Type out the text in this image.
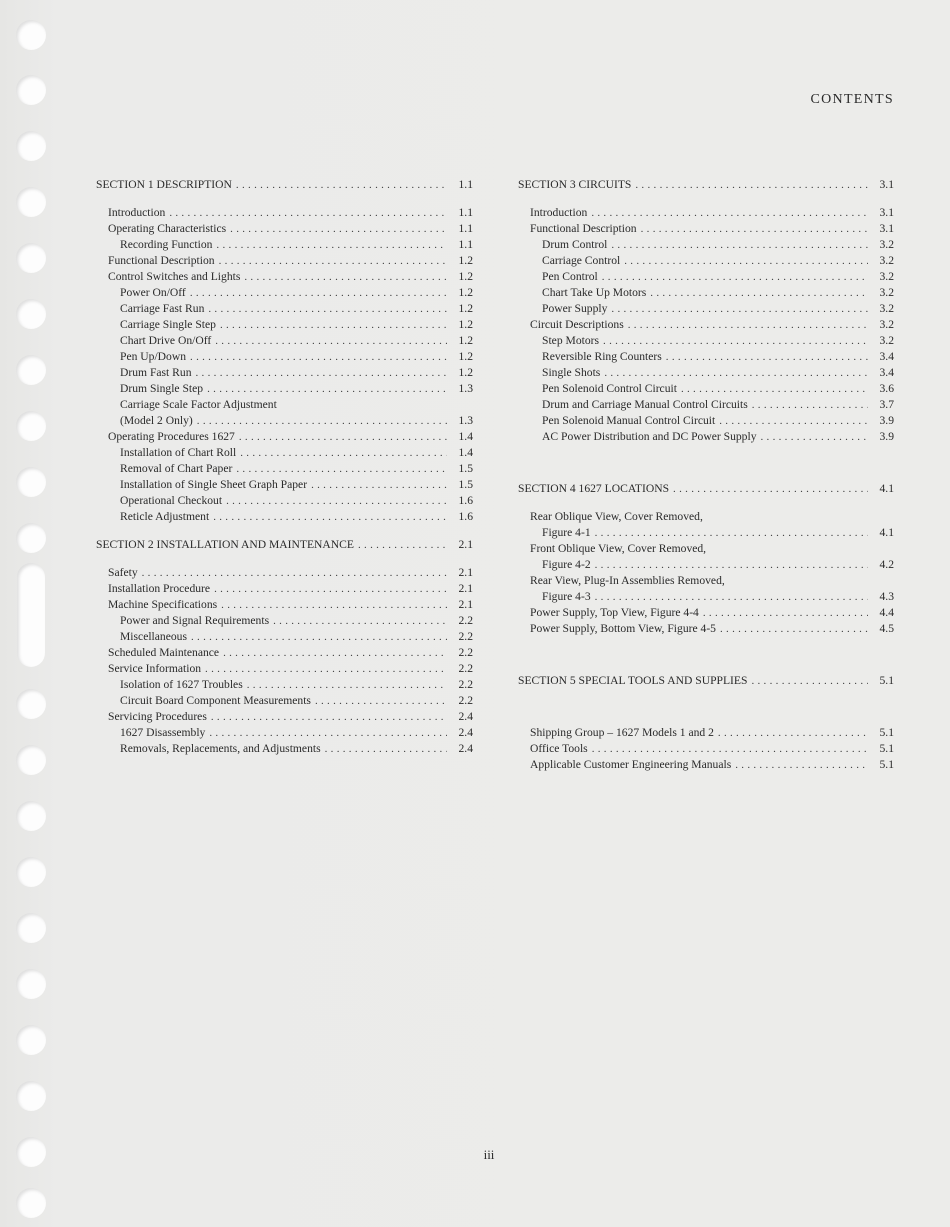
CONTENTS
SECTION 1 DESCRIPTION .....	1.1
Introduction .....	1.1
Operating Characteristics .....	1.1
Recording Function .....	1.1
Functional Description .....	1.2
Control Switches and Lights .....	1.2
Power On/Off .....	1.2
Carriage Fast Run .....	1.2
Carriage Single Step .....	1.2
Chart Drive On/Off .....	1.2
Pen Up/Down .....	1.2
Drum Fast Run .....	1.2
Drum Single Step .....	1.3
Carriage Scale Factor Adjustment
(Model 2 Only) .....	1.3
Operating Procedures 1627 .....	1.4
Installation of Chart Roll .....	1.4
Removal of Chart Paper .....	1.5
Installation of Single Sheet Graph Paper .....	1.5
Operational Checkout .....	1.6
Reticle Adjustment .....	1.6
SECTION 2 INSTALLATION AND MAINTENANCE .....	2.1
Safety .....	2.1
Installation Procedure .....	2.1
Machine Specifications .....	2.1
Power and Signal Requirements .....	2.2
Miscellaneous .....	2.2
Scheduled Maintenance .....	2.2
Service Information .....	2.2
Isolation of 1627 Troubles .....	2.2
Circuit Board Component Measurements .....	2.2
Servicing Procedures .....	2.4
1627 Disassembly .....	2.4
Removals, Replacements, and Adjustments .....	2.4
SECTION 3 CIRCUITS .....	3.1
Introduction .....	3.1
Functional Description .....	3.1
Drum Control .....	3.2
Carriage Control .....	3.2
Pen Control .....	3.2
Chart Take Up Motors .....	3.2
Power Supply .....	3.2
Circuit Descriptions .....	3.2
Step Motors .....	3.2
Reversible Ring Counters .....	3.4
Single Shots .....	3.4
Pen Solenoid Control Circuit .....	3.6
Drum and Carriage Manual Control Circuits .....	3.7
Pen Solenoid Manual Control Circuit .....	3.9
AC Power Distribution and DC Power Supply .....	3.9
SECTION 4 1627 LOCATIONS .....	4.1
Rear Oblique View, Cover Removed,
Figure 4-1 .....	4.1
Front Oblique View, Cover Removed,
Figure 4-2 .....	4.2
Rear View, Plug-In Assemblies Removed,
Figure 4-3 .....	4.3
Power Supply, Top View, Figure 4-4 .....	4.4
Power Supply, Bottom View, Figure 4-5 .....	4.5
SECTION 5 SPECIAL TOOLS AND SUPPLIES .....	5.1
Shipping Group – 1627 Models 1 and 2 .....	5.1
Office Tools .....	5.1
Applicable Customer Engineering Manuals .....	5.1
iii
